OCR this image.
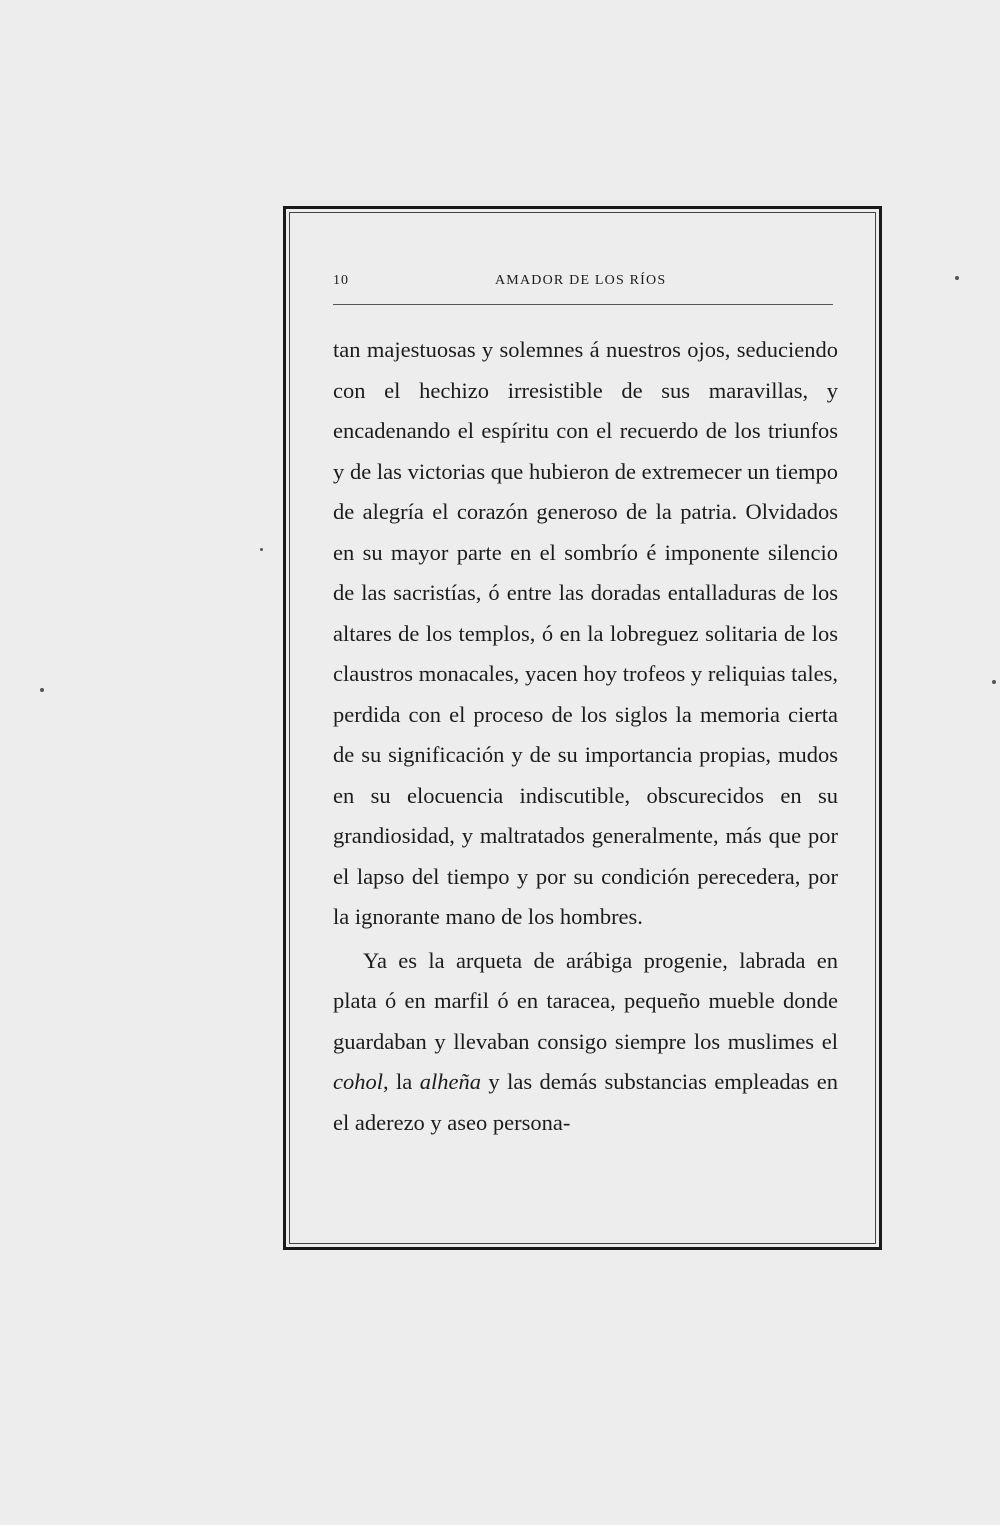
10	AMADOR DE LOS RÍOS

tan majestuosas y solemnes á nuestros ojos, seduciendo con el hechizo irresistible de sus maravillas, y encadenando el espíritu con el recuerdo de los triunfos y de las victorias que hubieron de extremecer un tiempo de alegría el corazón generoso de la patria. Olvidados en su mayor parte en el sombrío é imponente silencio de las sacristías, ó entre las doradas entalladuras de los altares de los templos, ó en la lobreguez solitaria de los claustros monacales, yacen hoy trofeos y reliquias tales, perdida con el proceso de los siglos la memoria cierta de su significación y de su importancia propias, mudos en su elocuencia indiscutible, obscurecidos en su grandiosidad, y maltratados generalmente, más que por el lapso del tiempo y por su condición perecedera, por la ignorante mano de los hombres.

Ya es la arqueta de arábiga progenie, labrada en plata ó en marfil ó en taracea, pequeño mueble donde guardaban y llevaban consigo siempre los muslimes el cohol, la alheña y las demás substancias empleadas en el aderezo y aseo persona-
